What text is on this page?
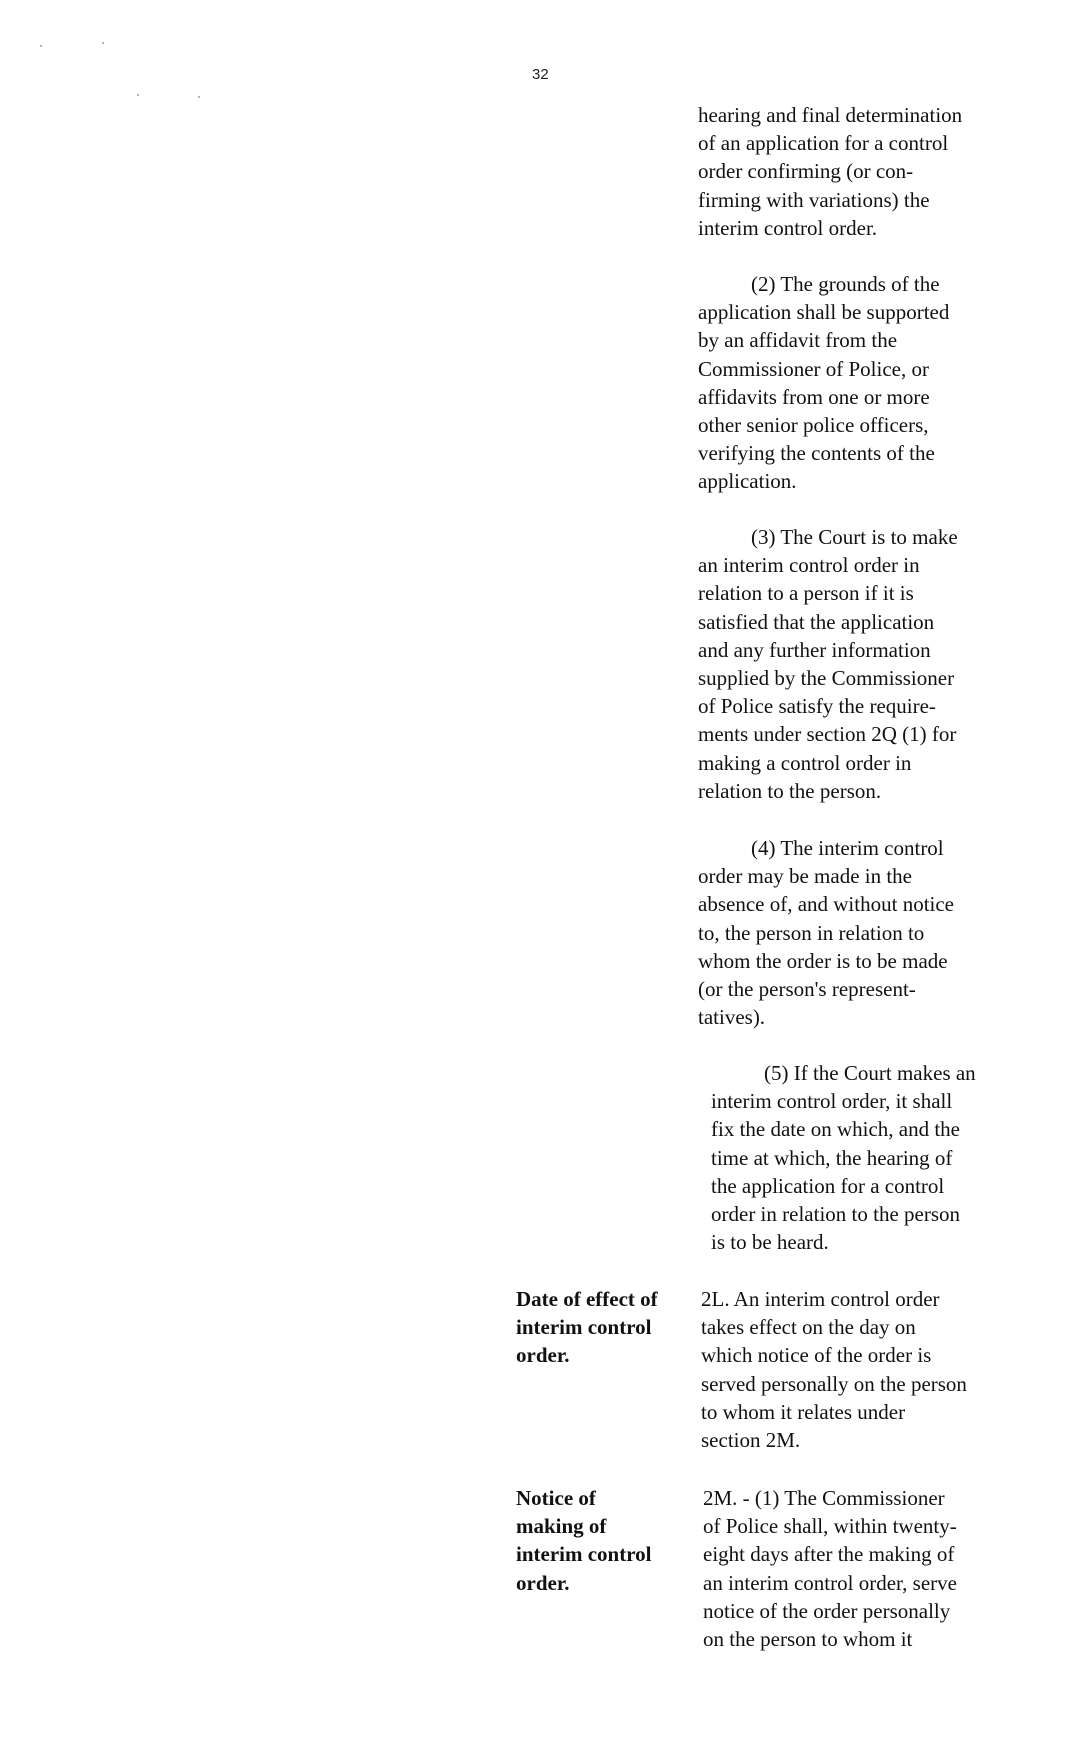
32
hearing and final determination
of an application for a control
order confirming (or con-
firming with variations) the
interim control order.
(2) The grounds of the
application shall be supported
by an affidavit from the
Commissioner of Police, or
affidavits from one or more
other senior police officers,
verifying the contents of the
application.
(3) The Court is to make
an interim control order in
relation to a person if it is
satisfied that the application
and any further information
supplied by the Commissioner
of Police satisfy the require-
ments under section 2Q (1) for
making a control order in
relation to the person.
(4) The interim control
order may be made in the
absence of, and without notice
to, the person in relation to
whom the order is to be made
(or the person's represent-
tatives).
(5) If the Court makes an
interim control order, it shall
fix the date on which, and the
time at which, the hearing of
the application for a control
order in relation to the person
is to be heard.
Date of effect of
interim control
order.
2L. An interim control order
takes effect on the day on
which notice of the order is
served personally on the person
to whom it relates under
section 2M.
Notice of
making of
interim control
order.
2M. - (1) The Commissioner
of Police shall, within twenty-
eight days after the making of
an interim control order, serve
notice of the order personally
on the person to whom it
